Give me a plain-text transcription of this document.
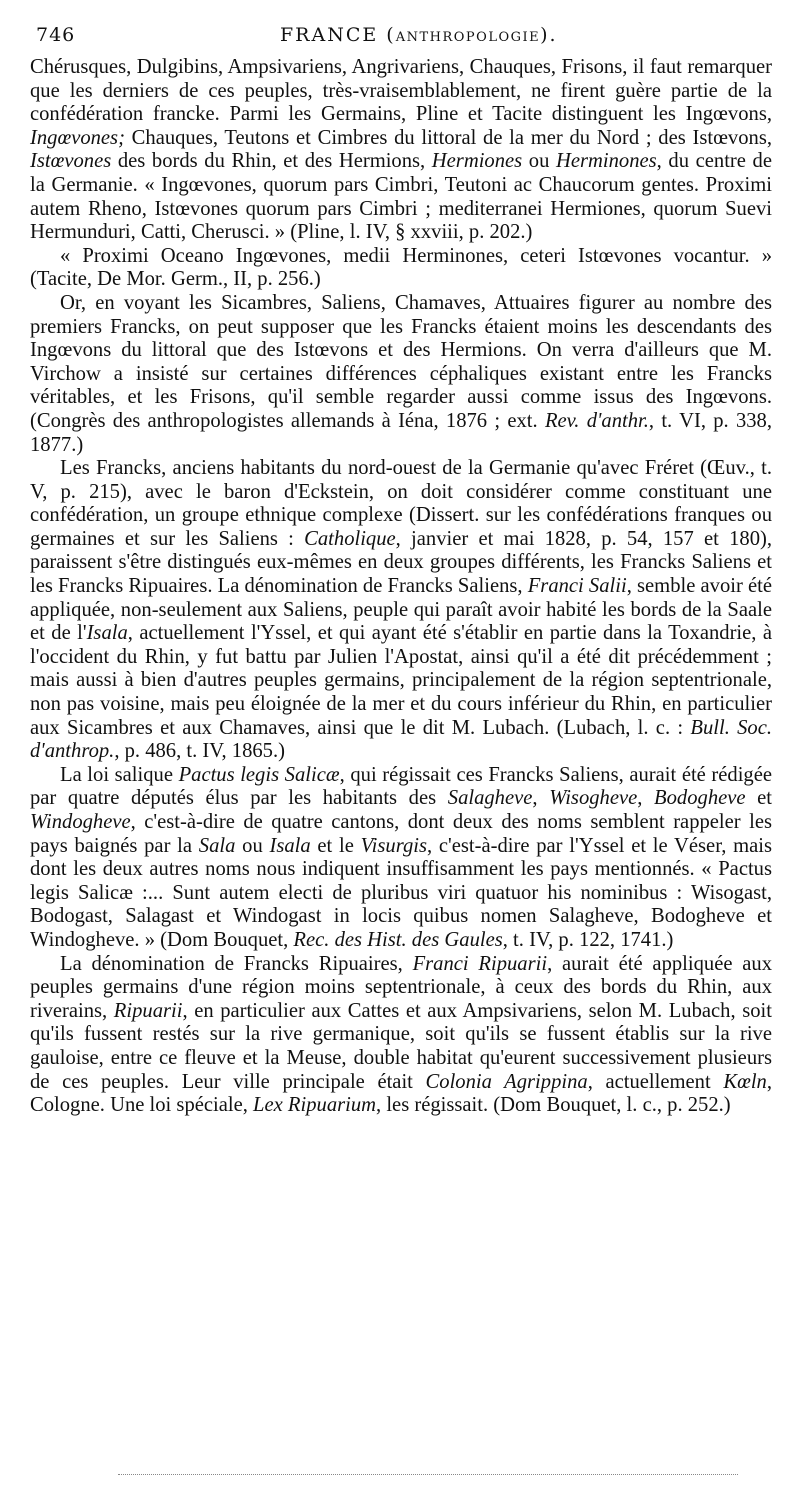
746	FRANCE (ANTHROPOLOGIE).

Chérusques, Dulgibins, Ampsivariens, Angrivariens, Chauques, Frisons, il faut remarquer que les derniers de ces peuples, très-vraisemblablement, ne firent guère partie de la confédération francke. Parmi les Germains, Pline et Tacite distinguent les Ingœvons, Ingœvones; Chauques, Teutons et Cimbres du littoral de la mer du Nord ; des Istœvons, Istœvones des bords du Rhin, et des Hermions, Hermiones ou Herminones, du centre de la Germanie. « Ingœvones, quorum pars Cimbri, Teutoni ac Chaucorum gentes. Proximi autem Rheno, Istœvones quorum pars Cimbri ; mediterranei Hermiones, quorum Suevi Hermunduri, Catti, Cherusci. » (Pline, l. IV, § xxviii, p. 202.)

« Proximi Oceano Ingœvones, medii Herminones, ceteri Istœvones vocantur. » (Tacite, De Mor. Germ., II, p. 256.)

Or, en voyant les Sicambres, Saliens, Chamaves, Attuaires figurer au nombre des premiers Francks, on peut supposer que les Francks étaient moins les descendants des Ingœvons du littoral que des Istœvons et des Hermions. On verra d'ailleurs que M. Virchow a insisté sur certaines différences céphaliques existant entre les Francks véritables, et les Frisons, qu'il semble regarder aussi comme issus des Ingœvons. (Congrès des anthropologistes allemands à Iéna, 1876 ; ext. Rev. d'anthr., t. VI, p. 338, 1877.)

Les Francks, anciens habitants du nord-ouest de la Germanie qu'avec Fréret (Œuv., t. V, p. 215), avec le baron d'Eckstein, on doit considérer comme constituant une confédération, un groupe ethnique complexe (Dissert. sur les confédérations franques ou germaines et sur les Saliens : Catholique, janvier et mai 1828, p. 54, 157 et 180), paraissent s'être distingués eux-mêmes en deux groupes différents, les Francks Saliens et les Francks Ripuaires. La dénomination de Francks Saliens, Franci Salii, semble avoir été appliquée, non-seulement aux Saliens, peuple qui paraît avoir habité les bords de la Saale et de l'Isala, actuellement l'Yssel, et qui ayant été s'établir en partie dans la Toxandrie, à l'occident du Rhin, y fut battu par Julien l'Apostat, ainsi qu'il a été dit précédemment ; mais aussi à bien d'autres peuples germains, principalement de la région septentrionale, non pas voisine, mais peu éloignée de la mer et du cours inférieur du Rhin, en particulier aux Sicambres et aux Chamaves, ainsi que le dit M. Lubach. (Lubach, l. c. : Bull. Soc. d'anthrop., p. 486, t. IV, 1865.)

La loi salique Pactus legis Salicæ, qui régissait ces Francks Saliens, aurait été rédigée par quatre députés élus par les habitants des Salagheve, Wisogheve, Bodogheve et Windogheve, c'est-à-dire de quatre cantons, dont deux des noms semblent rappeler les pays baignés par la Sala ou Isala et le Visurgis, c'est-à-dire par l'Yssel et le Véser, mais dont les deux autres noms nous indiquent insuffisamment les pays mentionnés. « Pactus legis Salicæ :... Sunt autem electi de pluribus viri quatuor his nominibus : Wisogast, Bodogast, Salagast et Windogast in locis quibus nomen Salagheve, Bodogheve et Windogheve. » (Dom Bouquet, Rec. des Hist. des Gaules, t. IV, p. 122, 1741.)

La dénomination de Francks Ripuaires, Franci Ripuarii, aurait été appliquée aux peuples germains d'une région moins septentrionale, à ceux des bords du Rhin, aux riverains, Ripuarii, en particulier aux Cattes et aux Ampsivariens, selon M. Lubach, soit qu'ils fussent restés sur la rive germanique, soit qu'ils se fussent établis sur la rive gauloise, entre ce fleuve et la Meuse, double habitat qu'eurent successivement plusieurs de ces peuples. Leur ville principale était Colonia Agrippina, actuellement Kœln, Cologne. Une loi spéciale, Lex Ripuarium, les régissait. (Dom Bouquet, l. c., p. 252.)
